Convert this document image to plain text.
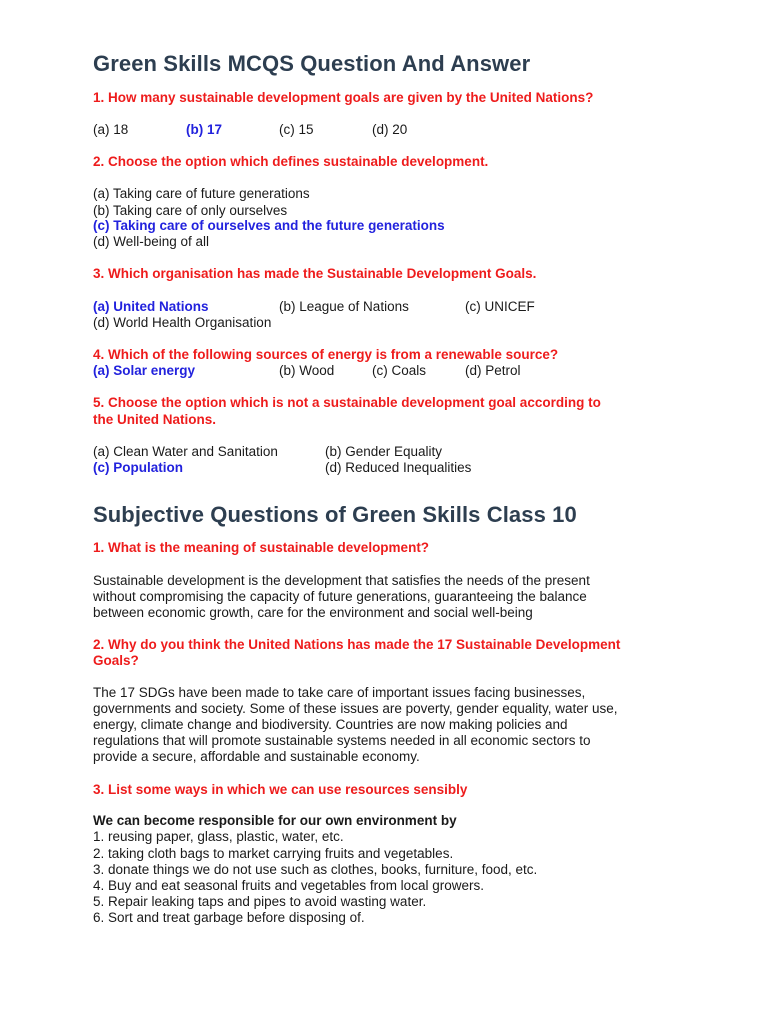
Green Skills MCQS Question And Answer
1. How many sustainable development goals are given by the United Nations?
(a) 18	(b) 17	(c) 15	(d) 20
2. Choose the option which defines sustainable development.
(a) Taking care of future generations
(b) Taking care of only ourselves
(c) Taking care of ourselves and the future generations
(d) Well-being of all
3. Which organisation has made the Sustainable Development Goals.
(a) United Nations	(b) League of Nations	(c) UNICEF
(d) World Health Organisation
4. Which of the following sources of energy is from a renewable source?
(a) Solar energy	(b) Wood	(c) Coals	(d) Petrol
5. Choose the option which is not a sustainable development goal according to
the United Nations.
(a) Clean Water and Sanitation	(b) Gender Equality
(c) Population	(d) Reduced Inequalities
Subjective Questions of Green Skills Class 10
1. What is the meaning of sustainable development?
Sustainable development is the development that satisfies the needs of the present
without compromising the capacity of future generations, guaranteeing the balance
between economic growth, care for the environment and social well-being
2. Why do you think the United Nations has made the 17 Sustainable Development
Goals?
The 17 SDGs have been made to take care of important issues facing businesses,
governments and society. Some of these issues are poverty, gender equality, water use,
energy, climate change and biodiversity. Countries are now making policies and
regulations that will promote sustainable systems needed in all economic sectors to
provide a secure, affordable and sustainable economy.
3. List some ways in which we can use resources sensibly
We can become responsible for our own environment by
1. reusing paper, glass, plastic, water, etc.
2. taking cloth bags to market carrying fruits and vegetables.
3. donate things we do not use such as clothes, books, furniture, food, etc.
4. Buy and eat seasonal fruits and vegetables from local growers.
5. Repair leaking taps and pipes to avoid wasting water.
6. Sort and treat garbage before disposing of.
